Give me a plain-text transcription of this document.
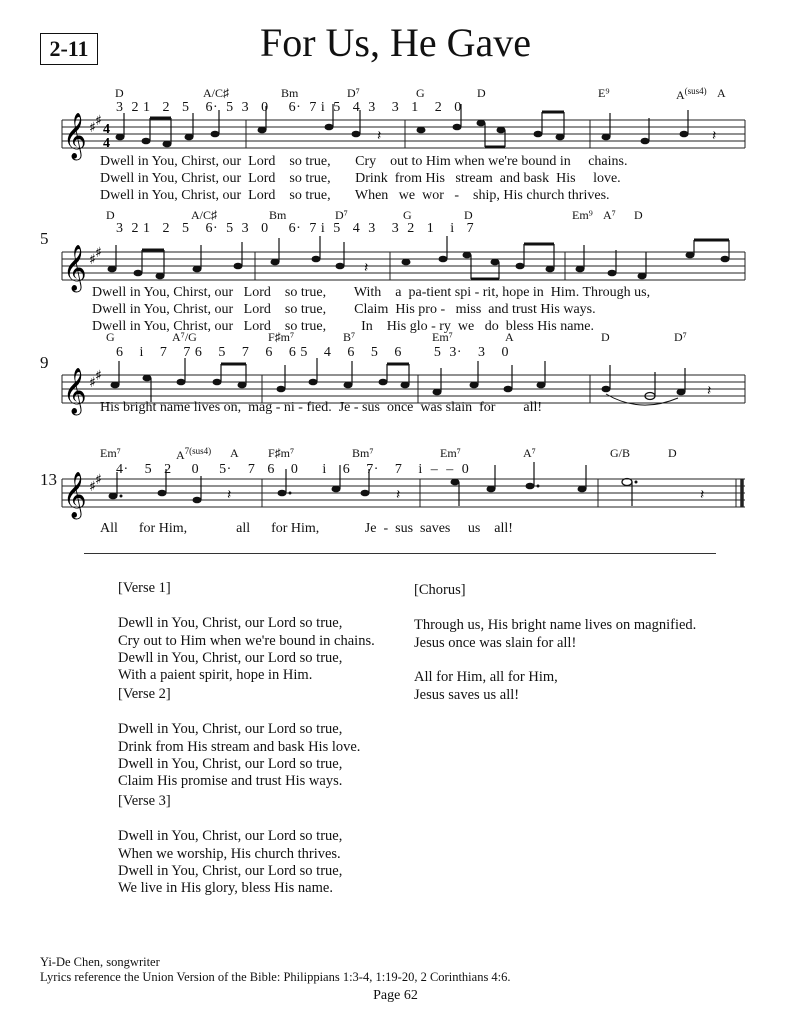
2-11	For Us, He Gave
𝄞 ♯ ♯
4
4
𝄞 ♯ ♯
𝄞 ♯ ♯
𝄞 ♯ ♯
𝄽	𝄽
𝄽
𝄽
𝄽	𝄽	𝄽
D	A/C♯	Bm	D⁷	G	D	E⁹	$A^{(sus4)}$ A
3  2 1   2   5    6·  5  3   0     6·  7 i  5   4  3    3   1    2   0
Dwell in You, Chirst, our  Lord    so true,       Cry    out to Him when we're bound in     chains.
Dwell in You, Christ, our  Lord    so true,       Drink  from His   stream  and bask  His     love.
Dwell in You, Christ, our  Lord    so true,       When   we  wor   -    ship, His church thrives.
5
D	A/C♯	Bm	D⁷	G	D	Em⁹ A⁷ D
3  2 1   2   5    6·  5  3   0     6·  7 i  5   4  3    3  2   1    i   7
Dwell in You, Chirst, our   Lord    so true,        With    a  pa-tient spi - rit, hope in  Him. Through us,
Dwell in You, Christ, our   Lord    so true,        Claim  His pro -   miss  and trust His ways.
Dwell in You, Christ, our   Lord    so true,          In    His glo - ry  we   do  bless His name.
9
G	A⁷/G	F♯m⁷	B⁷	Em⁷	A	D	D⁷
6    i    7    7 6    5    7    6    6 5    4    6    5    6        5  3·    3    0
His bright name lives on,  mag - ni - fied.  Je - sus  once  was slain  for        all!
13
Em⁷	$A^{7(sus4)}$ A F♯m⁷	Bm⁷	Em⁷	A⁷	G/B	D
4·    5   2     0     5·    7   6    0      i    6    7·    7    i  –  –  0
All      for Him,              all      for Him,             Je  -  sus  saves     us    all!

[Verse 1]

Dewll in You, Christ, our Lord so true,
Cry out to Him when we're bound in chains.
Dewll in You, Christ, our Lord so true,
With a paient spirit, hope in Him.

[Verse 2]

Dwell in You, Christ, our Lord so true,
Drink from His stream and bask His love.
Dwell in You, Christ, our Lord so true,
Claim His promise and trust His ways.

[Verse 3]

Dwell in You, Christ, our Lord so true,
When we worship, His church thrives.
Dwell in You, Christ, our Lord so true,
We live in His glory, bless His name.

[Chorus]

Through us, His bright name lives on magnified.
Jesus once was slain for all!

All for Him, all for Him,
Jesus saves us all!

Yi-De Chen, songwriter
Lyrics reference the Union Version of the Bible: Philippians 1:3-4, 1:19-20, 2 Corinthians 4:6.
Page 62
